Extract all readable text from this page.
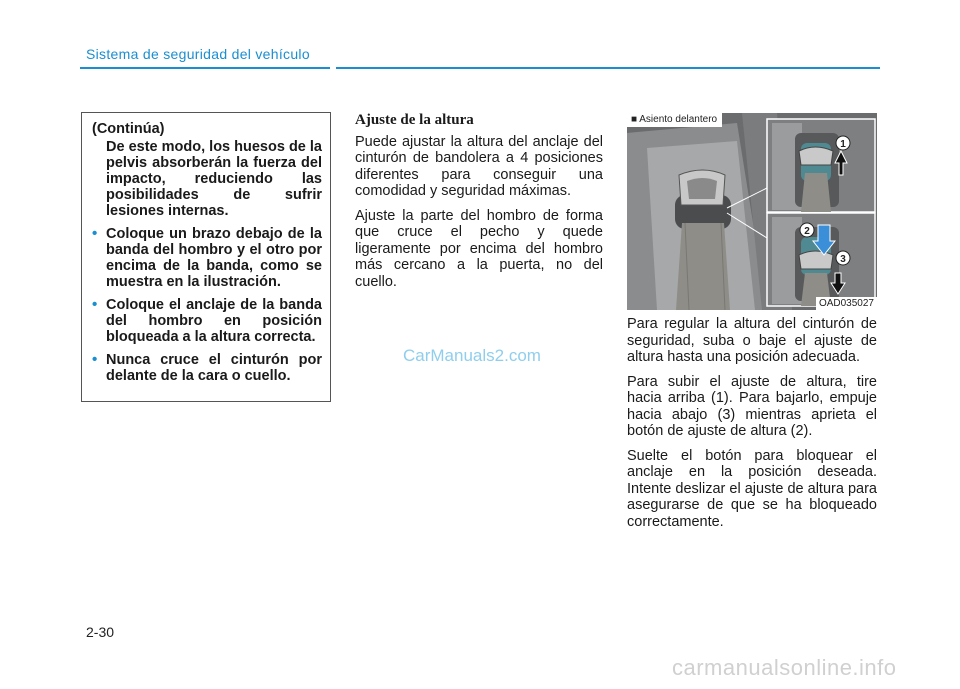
Sistema de seguridad del vehículo
(Continúa)
De este modo, los huesos de la pelvis absorberán la fuerza del impacto, reduciendo las posibilidades de sufrir lesiones internas.
• Coloque un brazo debajo de la banda del hombro y el otro por encima de la banda, como se muestra en la ilustración.
• Coloque el anclaje de la banda del hombro en posición bloqueada a la altura correcta.
• Nunca cruce el cinturón por delante de la cara o cuello.
Ajuste de la altura

Puede ajustar la altura del anclaje del cinturón de bandolera a 4 posiciones diferentes para conseguir una comodidad y seguridad máximas.

Ajuste la parte del hombro de forma que cruce el pecho y quede ligeramente por encima del hombro más cercano a la puerta, no del cuello.

1
2
3
■ Asiento delantero
OAD035027

Para regular la altura del cinturón de seguridad, suba o baje el ajuste de altura hasta una posición adecuada.

Para subir el ajuste de altura, tire hacia arriba (1). Para bajarlo, empuje hacia abajo (3) mientras aprieta el botón de ajuste de altura (2).

Suelte el botón para bloquear el anclaje en la posición deseada. Intente deslizar el ajuste de altura para asegurarse de que se ha bloqueado correctamente.

CarManuals2.com
2-30
carmanualsonline.info
